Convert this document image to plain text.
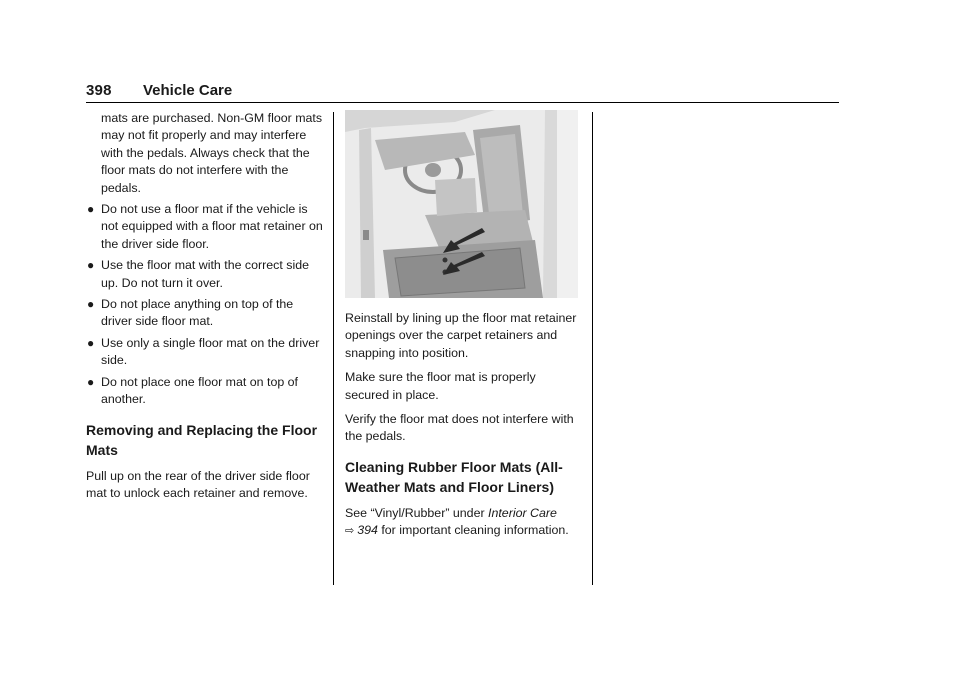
398 Vehicle Care

mats are purchased. Non-GM floor mats may not fit properly and may interfere with the pedals. Always check that the floor mats do not interfere with the pedals.

● Do not use a floor mat if the vehicle is not equipped with a floor mat retainer on the driver side floor.
● Use the floor mat with the correct side up. Do not turn it over.
● Do not place anything on top of the driver side floor mat.
● Use only a single floor mat on the driver side.
● Do not place one floor mat on top of another.
Removing and Replacing the Floor Mats

Pull up on the rear of the driver side floor mat to unlock each retainer and remove.

Reinstall by lining up the floor mat retainer openings over the carpet retainers and snapping into position.

Make sure the floor mat is properly secured in place.

Verify the floor mat does not interfere with the pedals.

Cleaning Rubber Floor Mats (All-Weather Mats and Floor Liners)

See “Vinyl/Rubber” under Interior Care
⇨ 394 for important cleaning information.
